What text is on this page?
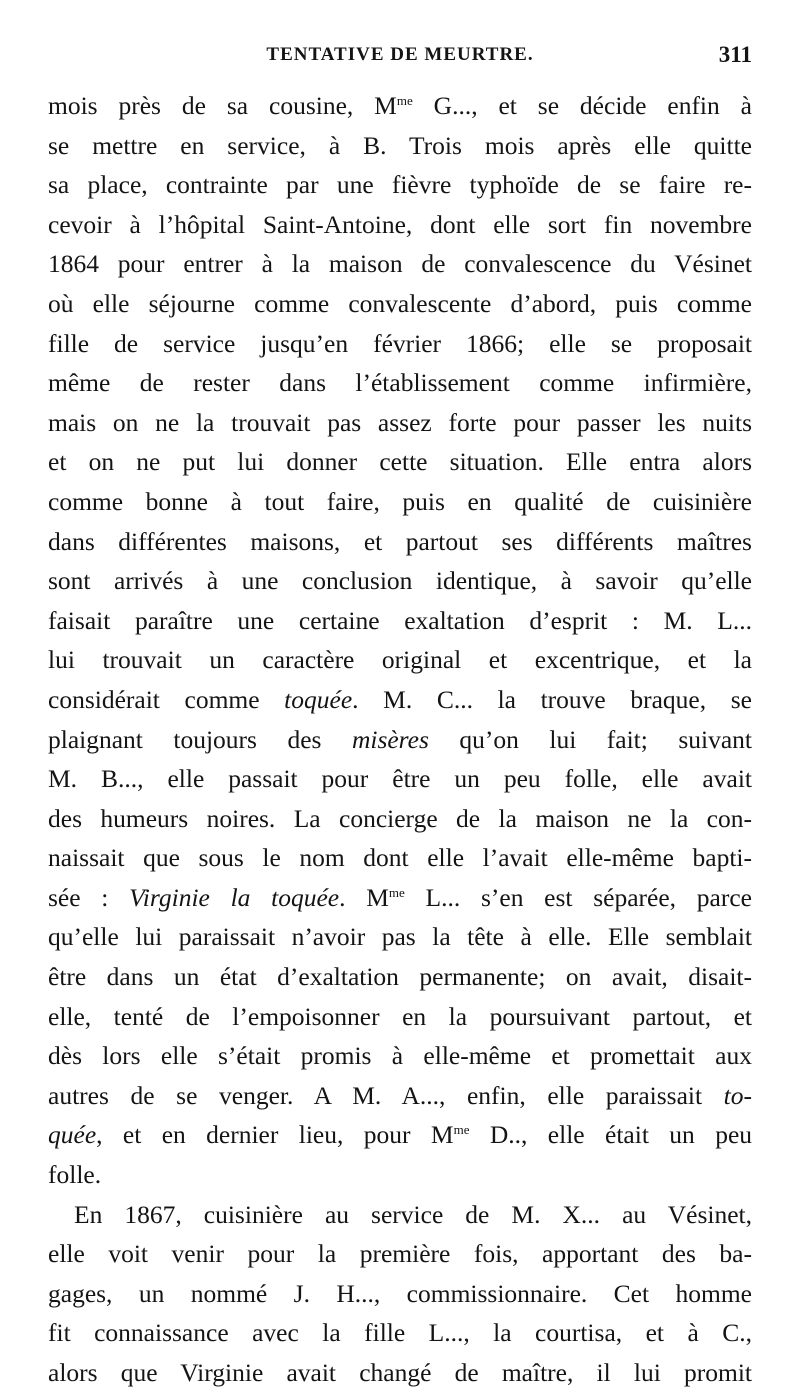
TENTATIVE DE MEURTRE.	311
mois près de sa cousine, $M^{me}$ G..., et se décide enfin à
se mettre en service, à B. Trois mois après elle quitte
sa place, contrainte par une fièvre typhoïde de se faire re-
cevoir à l’hôpital Saint-Antoine, dont elle sort fin novembre
1864 pour entrer à la maison de convalescence du Vésinet
où elle séjourne comme convalescente d’abord, puis comme
fille de service jusqu’en février 1866; elle se proposait
même de rester dans l’établissement comme infirmière,
mais on ne la trouvait pas assez forte pour passer les nuits
et on ne put lui donner cette situation. Elle entra alors
comme bonne à tout faire, puis en qualité de cuisinière
dans différentes maisons, et partout ses différents maîtres
sont arrivés à une conclusion identique, à savoir qu’elle
faisait paraître une certaine exaltation d’esprit : M. L...
lui trouvait un caractère original et excentrique, et la
considérait comme toquée. M. C... la trouve braque, se
plaignant toujours des misères qu’on lui fait; suivant
M. B..., elle passait pour être un peu folle, elle avait
des humeurs noires. La concierge de la maison ne la con-
naissait que sous le nom dont elle l’avait elle-même bapti-
sée : Virginie la toquée. $M^{me}$ L... s’en est séparée, parce
qu’elle lui paraissait n’avoir pas la tête à elle. Elle semblait
être dans un état d’exaltation permanente; on avait, disait-
elle, tenté de l’empoisonner en la poursuivant partout, et
dès lors elle s’était promis à elle-même et promettait aux
autres de se venger. A M. A..., enfin, elle paraissait to-
quée, et en dernier lieu, pour $M^{me}$ D.., elle était un peu
folle.
En 1867, cuisinière au service de M. X... au Vésinet,
elle voit venir pour la première fois, apportant des ba-
gages, un nommé J. H..., commissionnaire. Cet homme
fit connaissance avec la fille L..., la courtisa, et à C.,
alors que Virginie avait changé de maître, il lui promit
